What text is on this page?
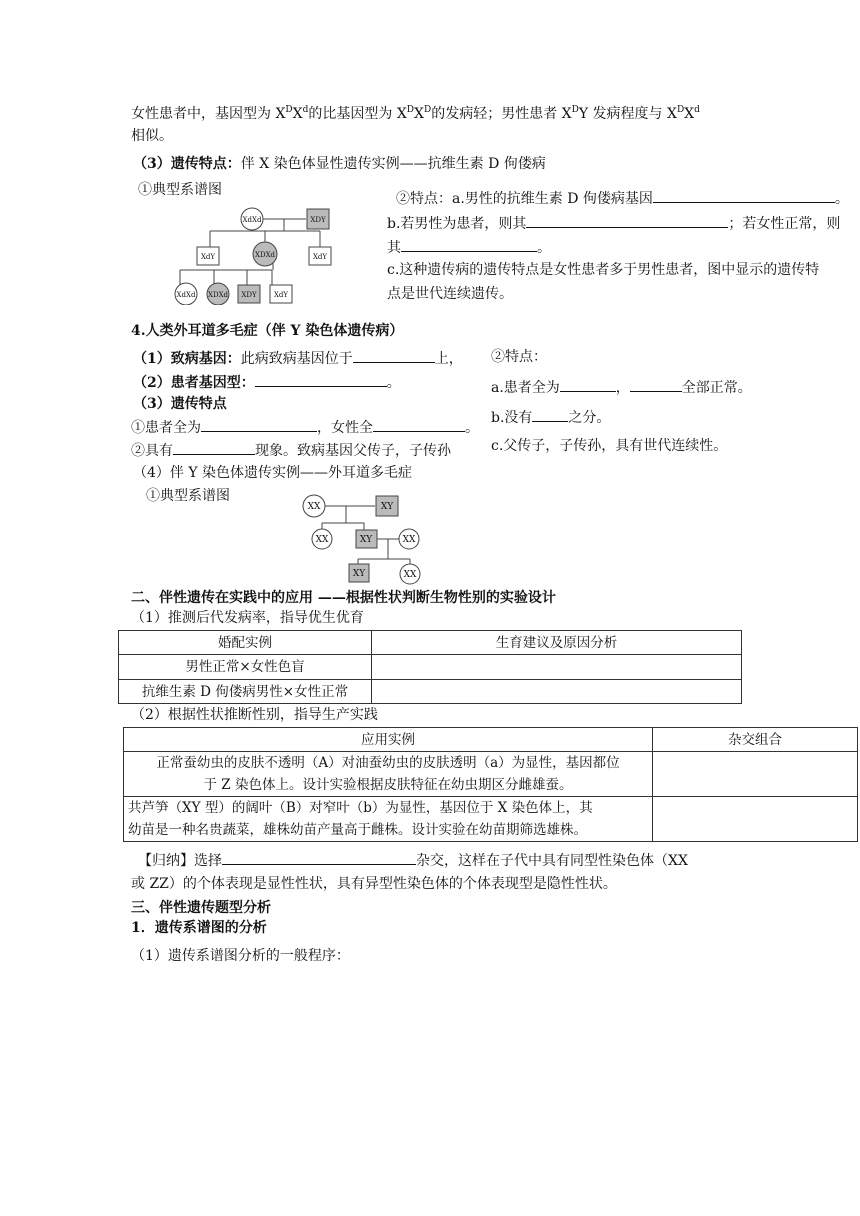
女性患者中，基因型为 $X^DX^d$的比基因型为 $X^DX^D$的发病轻；男性患者 $X^DY$ 发病程度与 $X^DX^d$
相似。
（3）遗传特点：伴 X 染色体显性遗传实例——抗维生素 D 佝偻病
①典型系谱图
XdXd	XDY
XdY	XDXd	XdY
XdXd XDXd XDY XdY
②特点：a.男性的抗维生素 D 佝偻病基因	。
b.若男性为患者，则其	；若女性正常，则
其	。
c.这种遗传病的遗传特点是女性患者多于男性患者，图中显示的遗传特
点是世代连续遗传。
4.人类外耳道多毛症（伴 Y 染色体遗传病）
（1）致病基因：此病致病基因位于	上，
（2）患者基因型：	。
（3）遗传特点
①患者全为	，女性全	。
②具有	现象。致病基因父传子，子传孙
②特点：
a.患者全为	，	全部正常。
b.没有	之分。
c.父传子，子传孙，具有世代连续性。
（4）伴 Y 染色体遗传实例——外耳道多毛症
①典型系谱图
XX	XY
XX	XY	XX
XY	XX
二、伴性遗传在实践中的应用 ——根据性状判断生物性别的实验设计
（1）推测后代发病率，指导优生优育
婚配实例	生育建议及原因分析
男性正常×女性色盲	
抗维生素 D 佝偻病男性×女性正常	
（2）根据性状推断性别，指导生产实践
应用实例	杂交组合

正常蚕幼虫的皮肤不透明（A）对油蚕幼虫的皮肤透明（a）为显性，基因都位
于 Z 染色体上。设计实验根据皮肤特征在幼虫期区分雌雄蚕。	

共芦笋（XY 型）的阔叶（B）对窄叶（b）为显性，基因位于 X 染色体上，其
幼苗是一种名贵蔬菜，雄株幼苗产量高于雌株。设计实验在幼苗期筛选雄株。	

【归纳】选择	杂交，这样在子代中具有同型性染色体（XX
或 ZZ）的个体表现是显性性状，具有异型性染色体的个体表现型是隐性性状。
三、伴性遗传题型分析
1．遗传系谱图的分析
（1）遗传系谱图分析的一般程序：
